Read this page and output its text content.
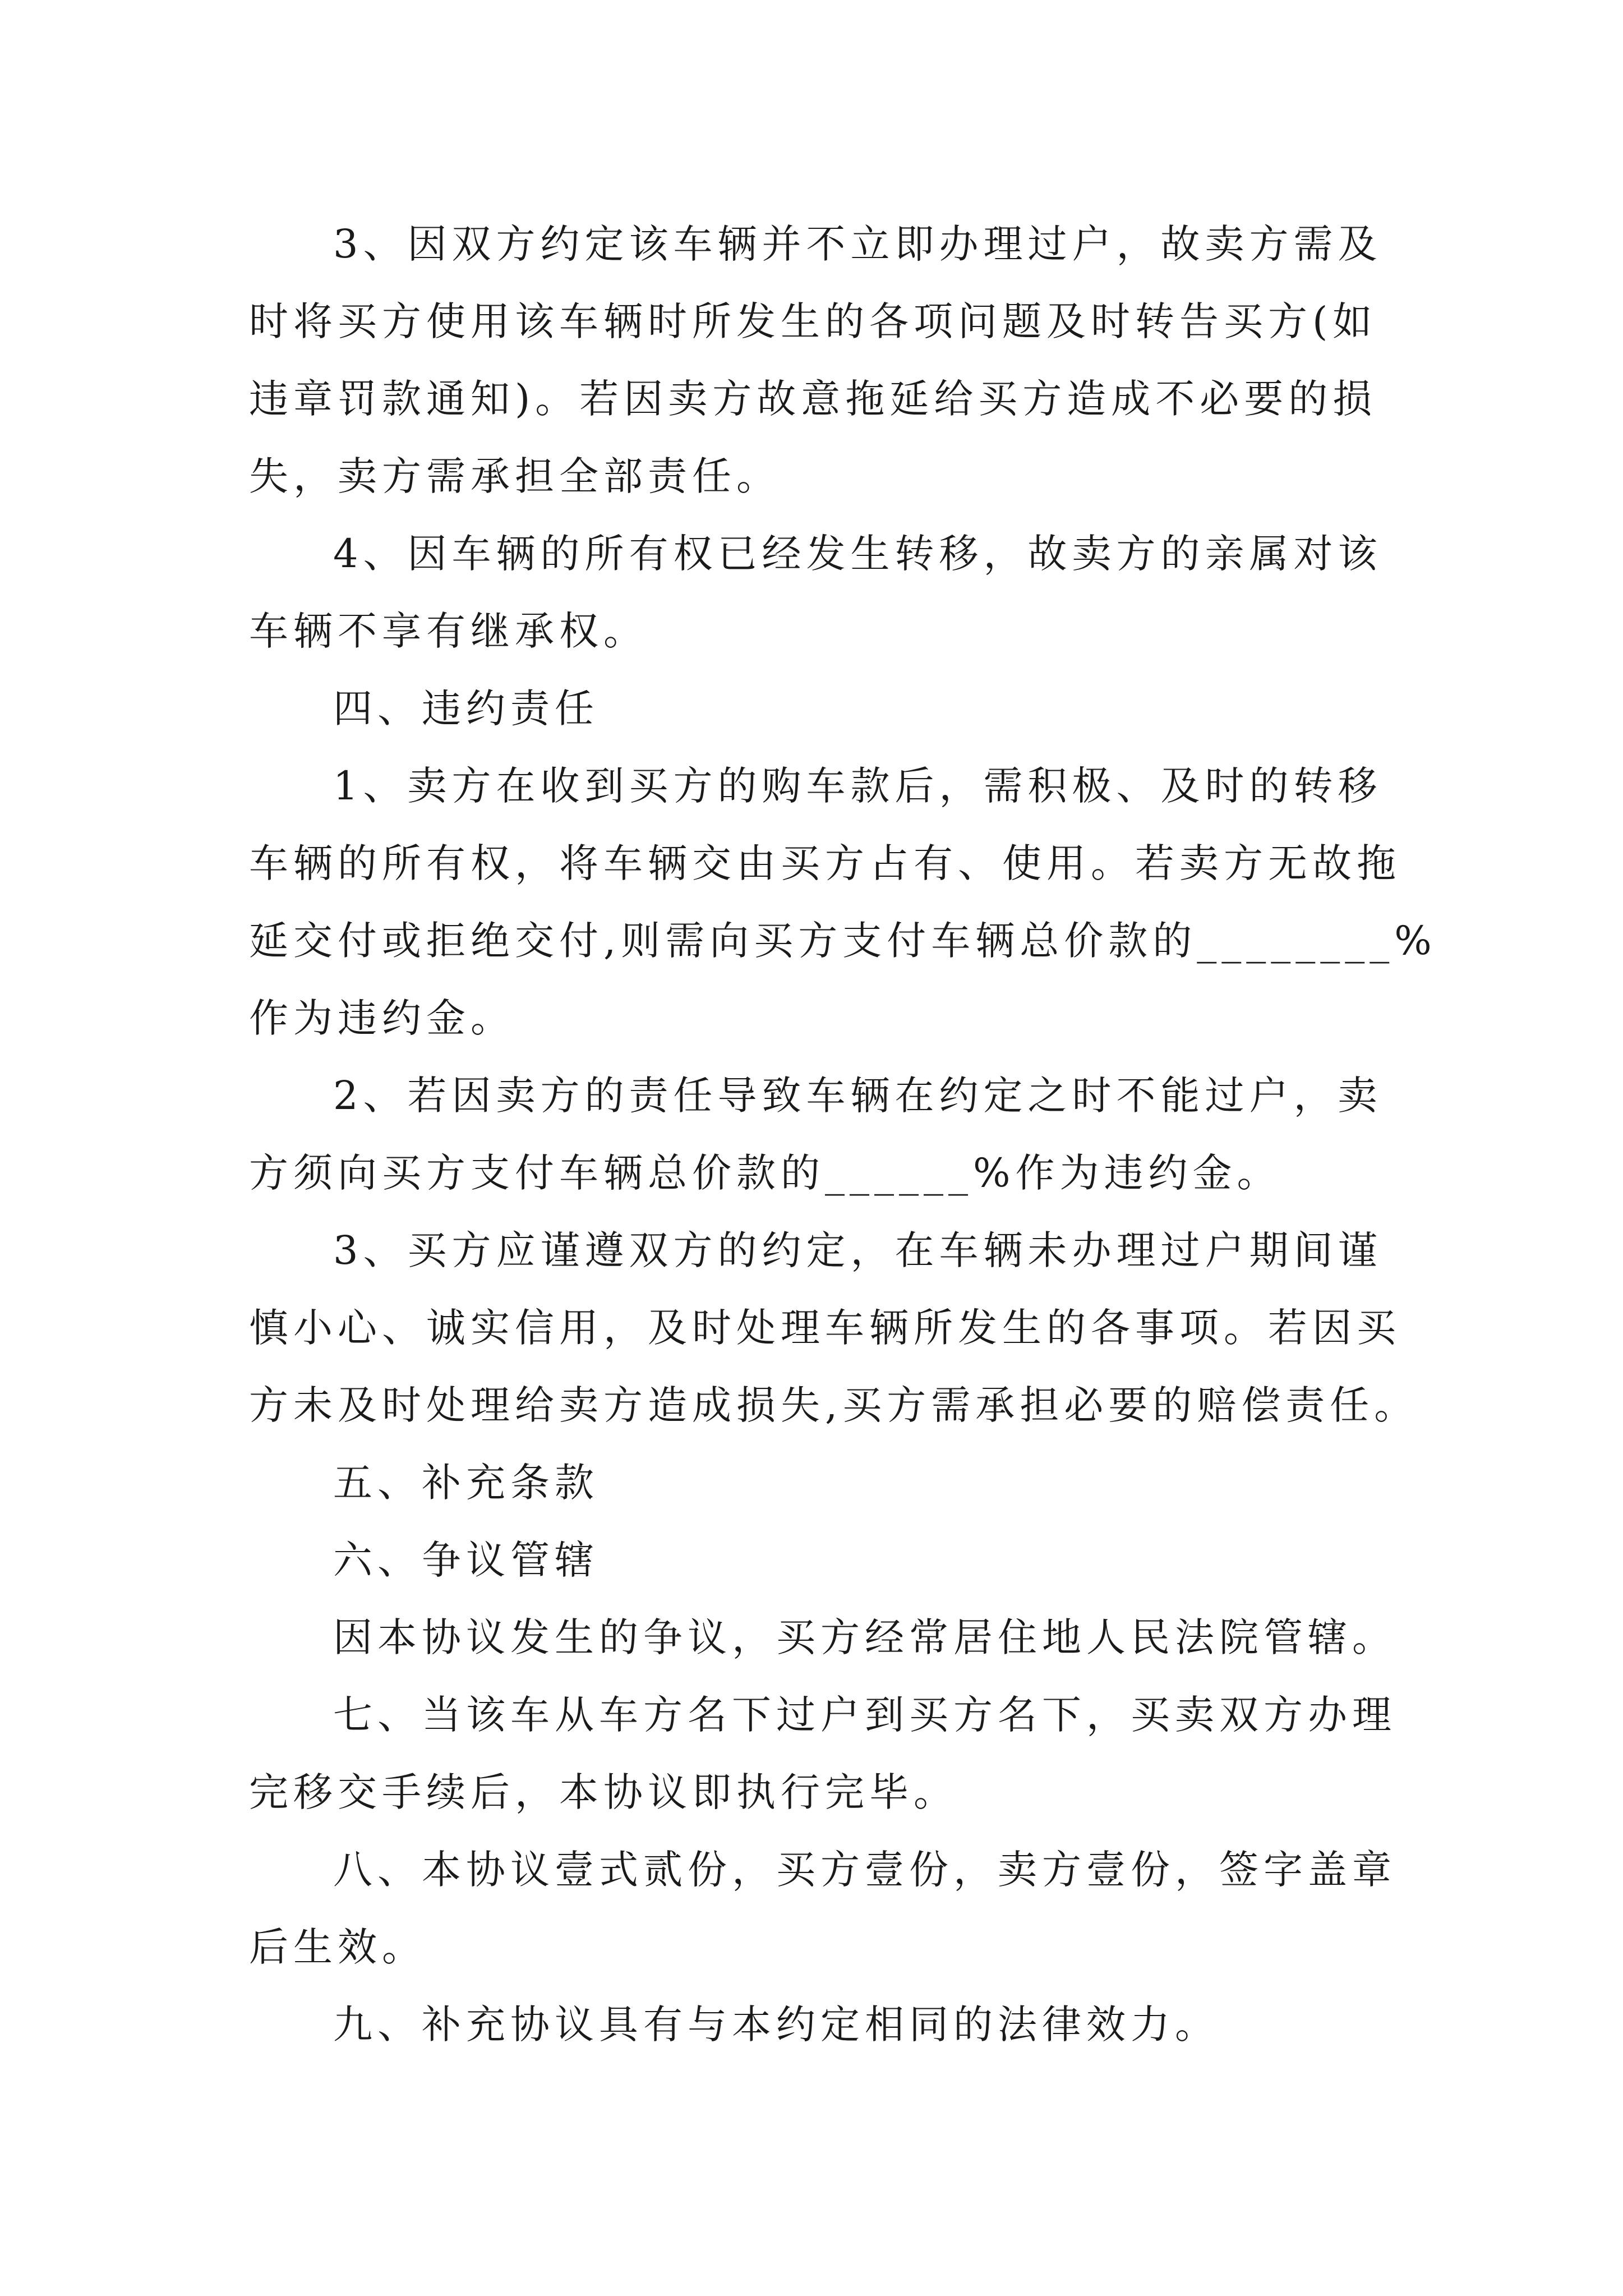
3、因双方约定该车辆并不立即办理过户，故卖方需及

时将买方使用该车辆时所发生的各项问题及时转告买方(如

违章罚款通知)。若因卖方故意拖延给买方造成不必要的损

失，卖方需承担全部责任。

4、因车辆的所有权已经发生转移，故卖方的亲属对该

车辆不享有继承权。

四、违约责任

1、卖方在收到买方的购车款后，需积极、及时的转移

车辆的所有权，将车辆交由买方占有、使用。若卖方无故拖

延交付或拒绝交付,则需向买方支付车辆总价款的________%

作为违约金。

2、若因卖方的责任导致车辆在约定之时不能过户，卖

方须向买方支付车辆总价款的______%作为违约金。

3、买方应谨遵双方的约定，在车辆未办理过户期间谨

慎小心、诚实信用，及时处理车辆所发生的各事项。若因买

方未及时处理给卖方造成损失,买方需承担必要的赔偿责任。

五、补充条款

六、争议管辖

因本协议发生的争议，买方经常居住地人民法院管辖。

七、当该车从车方名下过户到买方名下，买卖双方办理

完移交手续后，本协议即执行完毕。

八、本协议壹式贰份，买方壹份，卖方壹份，签字盖章

后生效。

九、补充协议具有与本约定相同的法律效力。
